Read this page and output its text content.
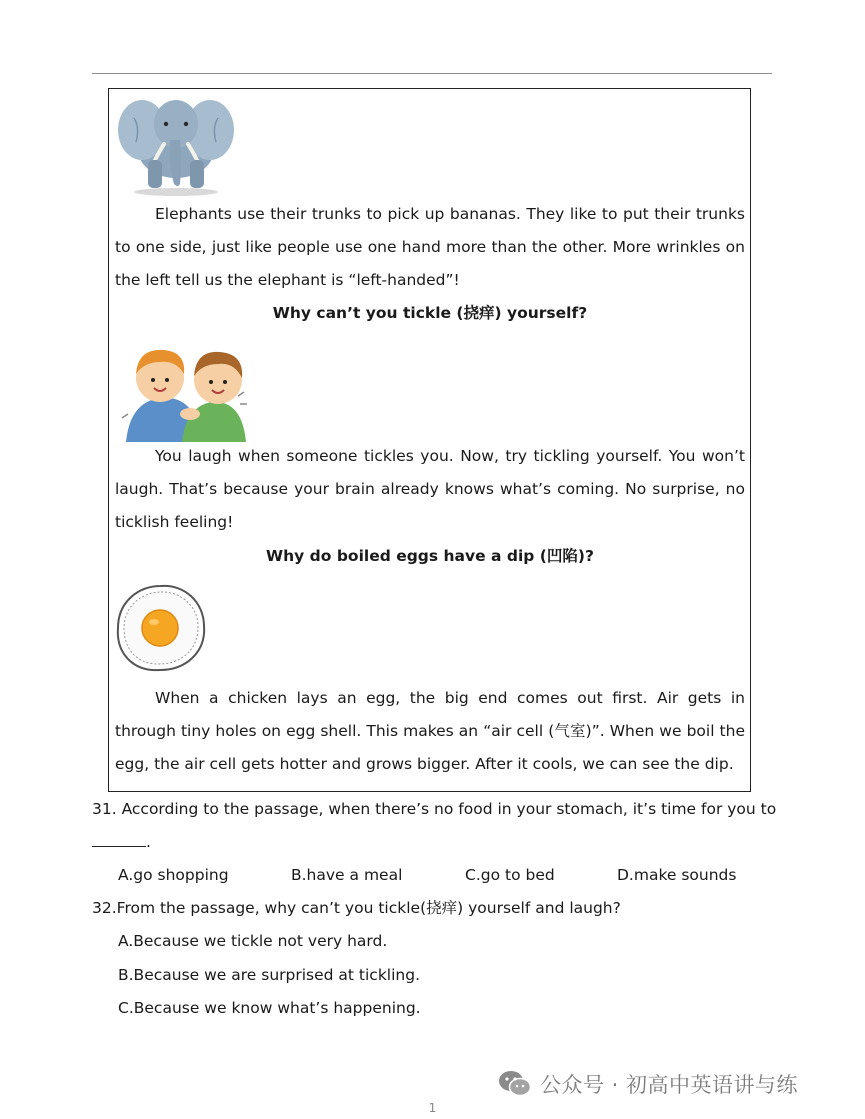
Elephants use their trunks to pick up bananas. They like to put their trunks to one side, just like people use one hand more than the other. More wrinkles on the left tell us the elephant is “left-handed”!

Why can’t you tickle (挠痒) yourself?

You laugh when someone tickles you. Now, try tickling yourself. You won’t laugh. That’s because your brain already knows what’s coming. No surprise, no ticklish feeling!

Why do boiled eggs have a dip (凹陷)?

When a chicken lays an egg, the big end comes out first. Air gets in through tiny holes on egg shell. This makes an “air cell (气室)”. When we boil the egg, the air cell gets hotter and grows bigger. After it cools, we can see the dip.

31. According to the passage, when there’s no food in your stomach, it’s time for you to

.

A.go shopping	B.have a meal	C.go to bed	D.make sounds

32.From the passage, why can’t you tickle(挠痒) yourself and laugh?

A.Because we tickle not very hard.
B.Because we are surprised at tickling.
C.Because we know what’s happening.
公众号 · 初高中英语讲与练
1
